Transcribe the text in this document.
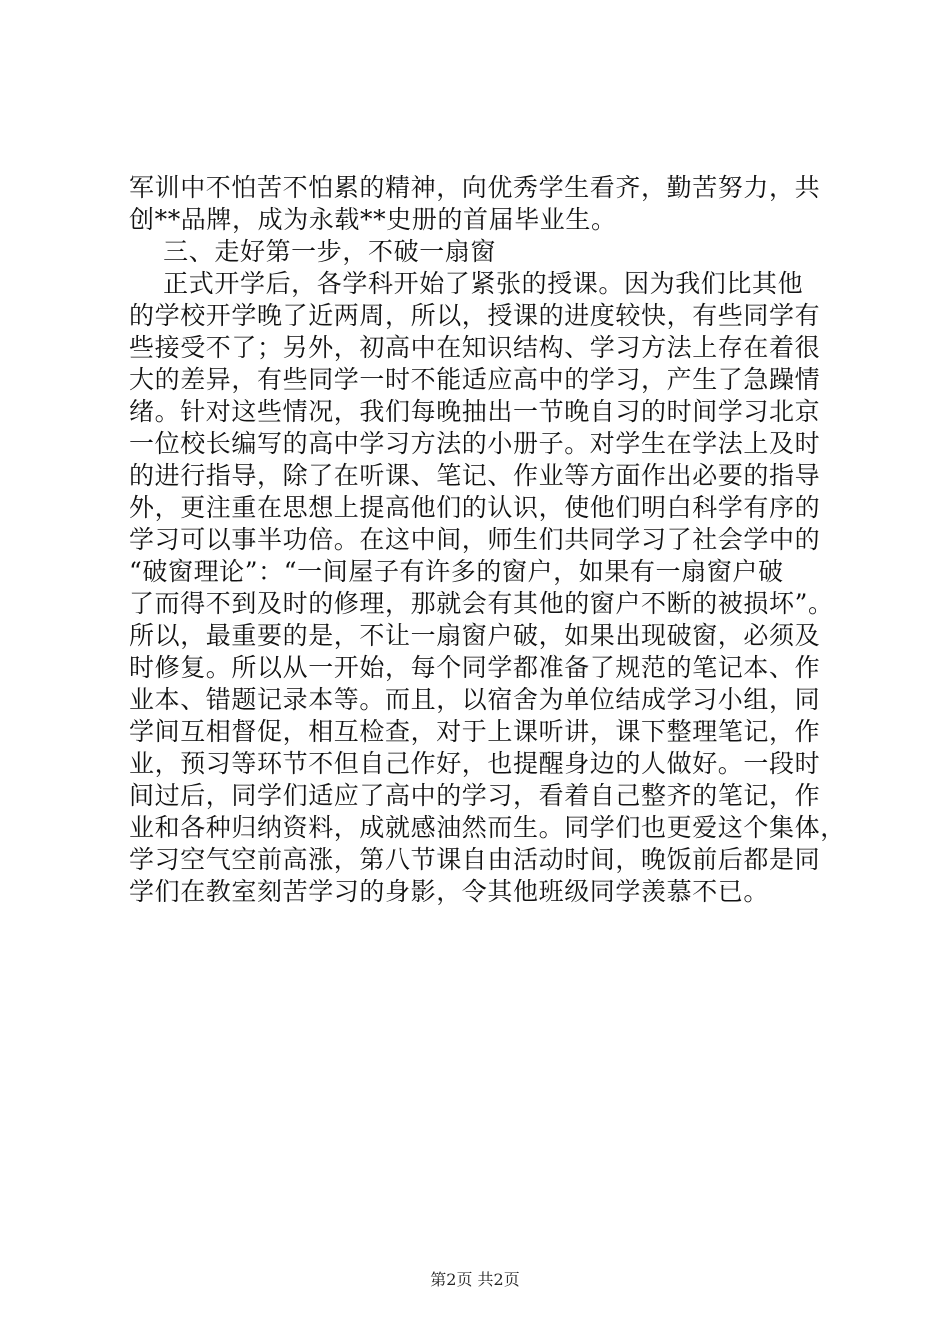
军训中不怕苦不怕累的精神，向优秀学生看齐，勤苦努力，共
创**品牌，成为永载**史册的首届毕业生。
三、走好第一步，不破一扇窗
正式开学后，各学科开始了紧张的授课。因为我们比其他
的学校开学晚了近两周，所以，授课的进度较快，有些同学有
些接受不了；另外，初高中在知识结构、学习方法上存在着很
大的差异，有些同学一时不能适应高中的学习，产生了急躁情
绪。针对这些情况，我们每晚抽出一节晚自习的时间学习北京
一位校长编写的高中学习方法的小册子。对学生在学法上及时
的进行指导，除了在听课、笔记、作业等方面作出必要的指导
外，更注重在思想上提高他们的认识，使他们明白科学有序的
学习可以事半功倍。在这中间，师生们共同学习了社会学中的
“破窗理论”：“一间屋子有许多的窗户，如果有一扇窗户破
了而得不到及时的修理，那就会有其他的窗户不断的被损坏”。
所以，最重要的是，不让一扇窗户破，如果出现破窗，必须及
时修复。所以从一开始，每个同学都准备了规范的笔记本、作
业本、错题记录本等。而且，以宿舍为单位结成学习小组，同
学间互相督促，相互检查，对于上课听讲，课下整理笔记，作
业，预习等环节不但自己作好，也提醒身边的人做好。一段时
间过后，同学们适应了高中的学习，看着自己整齐的笔记，作
业和各种归纳资料，成就感油然而生。同学们也更爱这个集体，
学习空气空前高涨，第八节课自由活动时间，晚饭前后都是同
学们在教室刻苦学习的身影，令其他班级同学羡慕不已。
第2页 共2页
